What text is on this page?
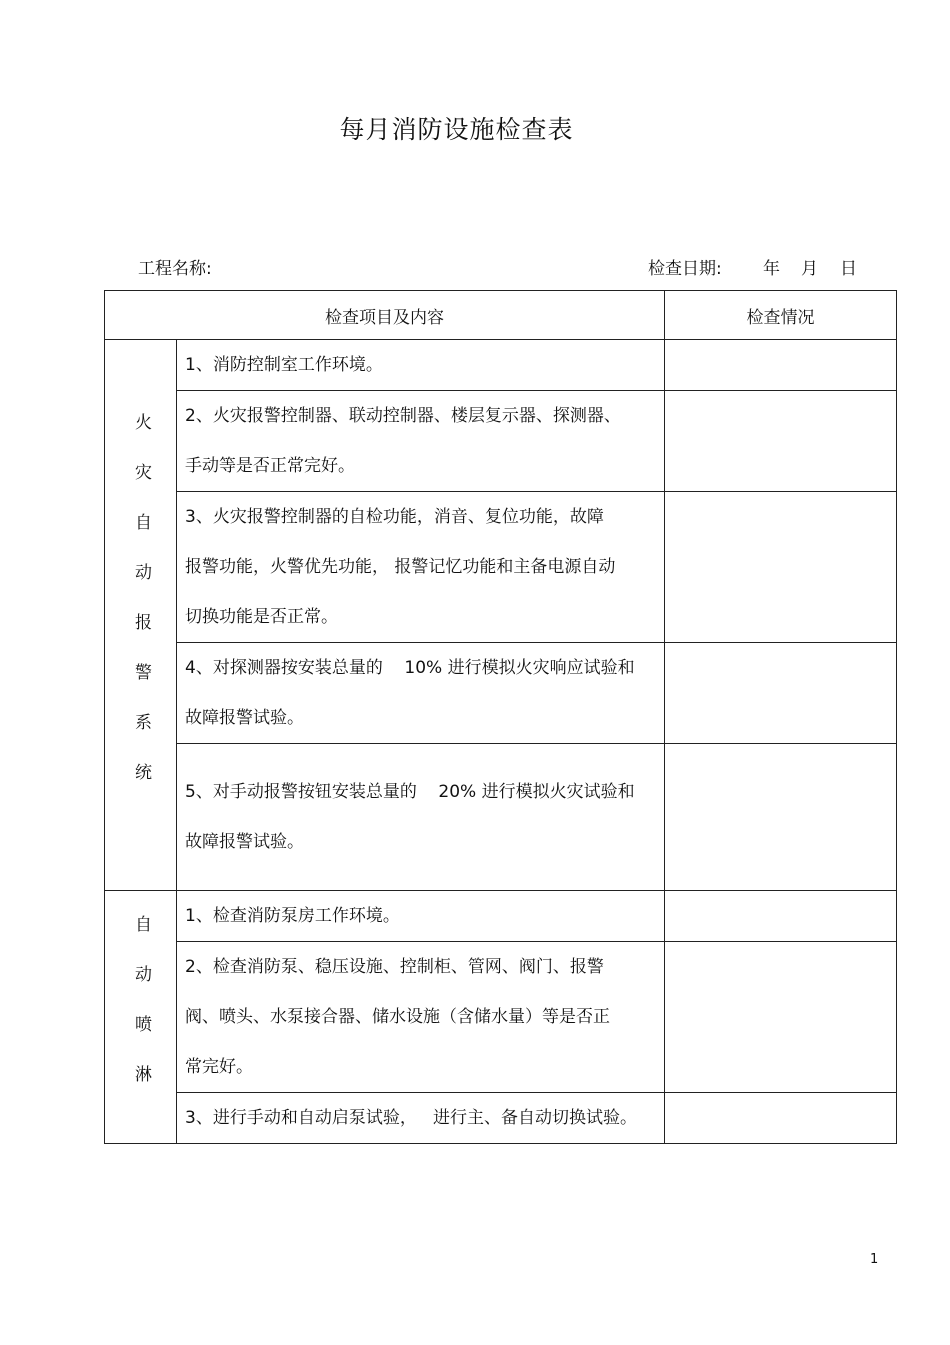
每月消防设施检查表
工程名称:	检查日期: 年 月 日
检查项目及内容		检查情况
火灾自动报警系统	1、消防控制室工作环境。	
	2、火灾报警控制器、联动控制器、楼层复示器、探测器、
手动等是否正常完好。	
	3、火灾报警控制器的自检功能，消音、复位功能，故障
报警功能，火警优先功能， 报警记忆功能和主备电源自动
切换功能是否正常。	
	4、对探测器按安装总量的    10% 进行模拟火灾响应试验和
故障报警试验。	
	5、对手动报警按钮安装总量的    20% 进行模拟火灾试验和
故障报警试验。	
自动喷淋	1、检查消防泵房工作环境。	
	2、检查消防泵、稳压设施、控制柜、管网、阀门、报警
阀、喷头、水泵接合器、储水设施（含储水量）等是否正
常完好。	
	3、进行手动和自动启泵试验，   进行主、备自动切换试验。	
1
